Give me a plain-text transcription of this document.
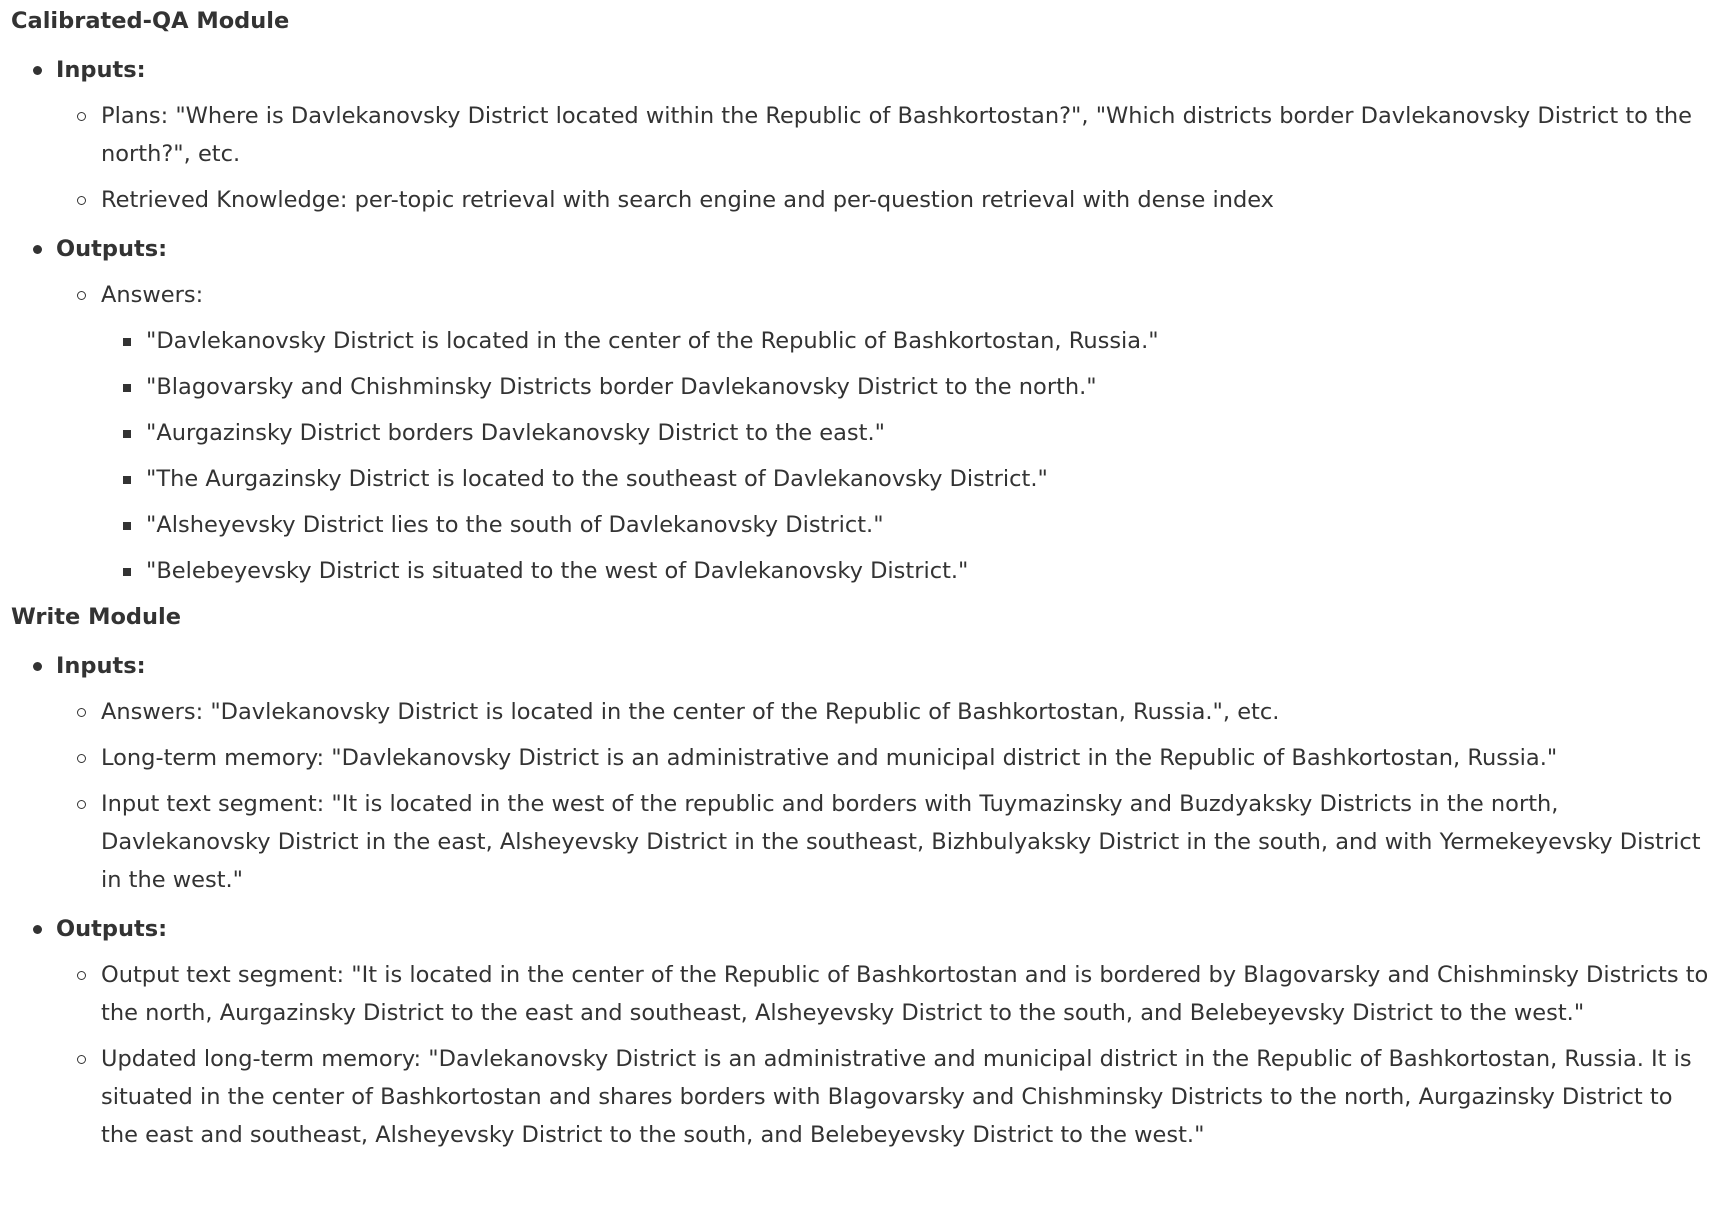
Calibrated-QA Module
Inputs:
Plans: "Where is Davlekanovsky District located within the Republic of Bashkortostan?", "Which districts border Davlekanovsky District to the north?", etc.
Retrieved Knowledge: per-topic retrieval with search engine and per-question retrieval with dense index
Outputs:
Answers:
"Davlekanovsky District is located in the center of the Republic of Bashkortostan, Russia."
"Blagovarsky and Chishminsky Districts border Davlekanovsky District to the north."
"Aurgazinsky District borders Davlekanovsky District to the east."
"The Aurgazinsky District is located to the southeast of Davlekanovsky District."
"Alsheyevsky District lies to the south of Davlekanovsky District."
"Belebeyevsky District is situated to the west of Davlekanovsky District."
Write Module
Inputs:
Answers: "Davlekanovsky District is located in the center of the Republic of Bashkortostan, Russia.", etc.
Long-term memory: "Davlekanovsky District is an administrative and municipal district in the Republic of Bashkortostan, Russia."
Input text segment: "It is located in the west of the republic and borders with Tuymazinsky and Buzdyaksky Districts in the north, Davlekanovsky District in the east, Alsheyevsky District in the southeast, Bizhbulyaksky District in the south, and with Yermekeyevsky District in the west."
Outputs:
Output text segment: "It is located in the center of the Republic of Bashkortostan and is bordered by Blagovarsky and Chishminsky Districts to the north, Aurgazinsky District to the east and southeast, Alsheyevsky District to the south, and Belebeyevsky District to the west."
Updated long-term memory: "Davlekanovsky District is an administrative and municipal district in the Republic of Bashkortostan, Russia. It is situated in the center of Bashkortostan and shares borders with Blagovarsky and Chishminsky Districts to the north, Aurgazinsky District to the east and southeast, Alsheyevsky District to the south, and Belebeyevsky District to the west."
